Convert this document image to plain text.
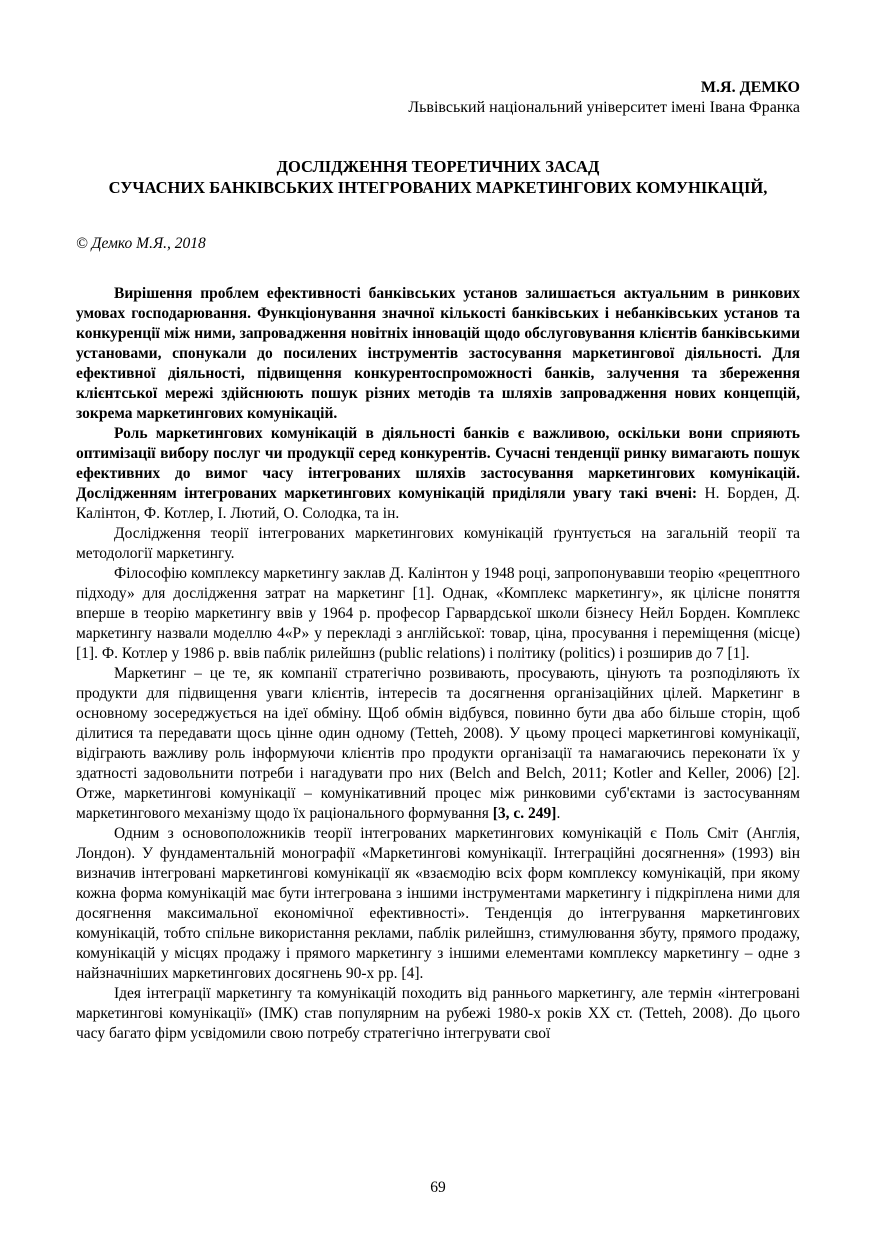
М.Я. ДЕМКО
Львівський національний університет імені Івана Франка
ДОСЛІДЖЕННЯ ТЕОРЕТИЧНИХ ЗАСАД
СУЧАСНИХ БАНКІВСЬКИХ ІНТЕГРОВАНИХ МАРКЕТИНГОВИХ КОМУНІКАЦІЙ,
© Демко М.Я., 2018

Вирішення проблем ефективності банківських установ залишається актуальним в ринкових умовах господарювання. Функціонування значної кількості банківських і небанківських установ та конкуренції між ними, запровадження новітніх інновацій щодо обслуговування клієнтів банківськими установами, спонукали до посилених інструментів застосування маркетингової діяльності. Для ефективної діяльності, підвищення конкурентоспроможності банків, залучення та збереження клієнтської мережі здійснюють пошук різних методів та шляхів запровадження нових концепцій, зокрема маркетингових комунікацій.

Роль маркетингових комунікацій в діяльності банків є важливою, оскільки вони сприяють оптимізації вибору послуг чи продукції серед конкурентів. Сучасні тенденції ринку вимагають пошук ефективних до вимог часу інтегрованих шляхів застосування маркетингових комунікацій. Дослідженням інтегрованих маркетингових комунікацій приділяли увагу такі вчені: Н. Борден, Д. Калінтон, Ф. Котлер, І. Лютий, О. Солодка, та ін.

Дослідження теорії інтегрованих маркетингових комунікацій ґрунтується на загальній теорії та методології маркетингу.

Філософію комплексу маркетингу заклав Д. Калінтон у 1948 році, запропонувавши теорію «рецептного підходу» для дослідження затрат на маркетинг [1]. Однак, «Комплекс маркетингу», як цілісне поняття вперше в теорію маркетингу ввів у 1964 р. професор Гарвардської школи бізнесу Нейл Борден. Комплекс маркетингу назвали моделлю 4«Р» у перекладі з англійської: товар, ціна, просування і переміщення (місце) [1]. Ф. Котлер у 1986 р. ввів паблік рилейшнз (public relations) і політику (politics) і розширив до 7 [1].

Маркетинг – це те, як компанії стратегічно розвивають, просувають, цінують та розподіляють їх продукти для підвищення уваги клієнтів, інтересів та досягнення організаційних цілей. Маркетинг в основному зосереджується на ідеї обміну. Щоб обмін відбувся, повинно бути два або більше сторін, щоб ділитися та передавати щось цінне один одному (Tetteh, 2008). У цьому процесі маркетингові комунікації, відіграють важливу роль інформуючи клієнтів про продукти організації та намагаючись переконати їх у здатності задовольнити потреби і нагадувати про них (Belch and Belch, 2011; Kotler and Keller, 2006) [2]. Отже, маркетингові комунікації – комунікативний процес між ринковими суб'єктами із застосуванням маркетингового механізму щодо їх раціонального формування [3, с. 249].

Одним з основоположників теорії інтегрованих маркетингових комунікацій є Поль Сміт (Англія, Лондон). У фундаментальній монографії «Маркетингові комунікації. Інтеграційні досягнення» (1993) він визначив інтегровані маркетингові комунікації як «взаємодію всіх форм комплексу комунікацій, при якому кожна форма комунікацій має бути інтегрована з іншими інструментами маркетингу і підкріплена ними для досягнення максимальної економічної ефективності». Тенденція до інтегрування маркетингових комунікацій, тобто спільне використання реклами, паблік рилейшнз, стимулювання збуту, прямого продажу, комунікацій у місцях продажу і прямого маркетингу з іншими елементами комплексу маркетингу – одне з найзначніших маркетингових досягнень 90-х рр. [4].

Ідея інтеграції маркетингу та комунікацій походить від раннього маркетингу, але термін «інтегровані маркетингові комунікації» (ІМК) став популярним на рубежі 1980-х років ХХ ст. (Tetteh, 2008). До цього часу багато фірм усвідомили свою потребу стратегічно інтегрувати свої

69
